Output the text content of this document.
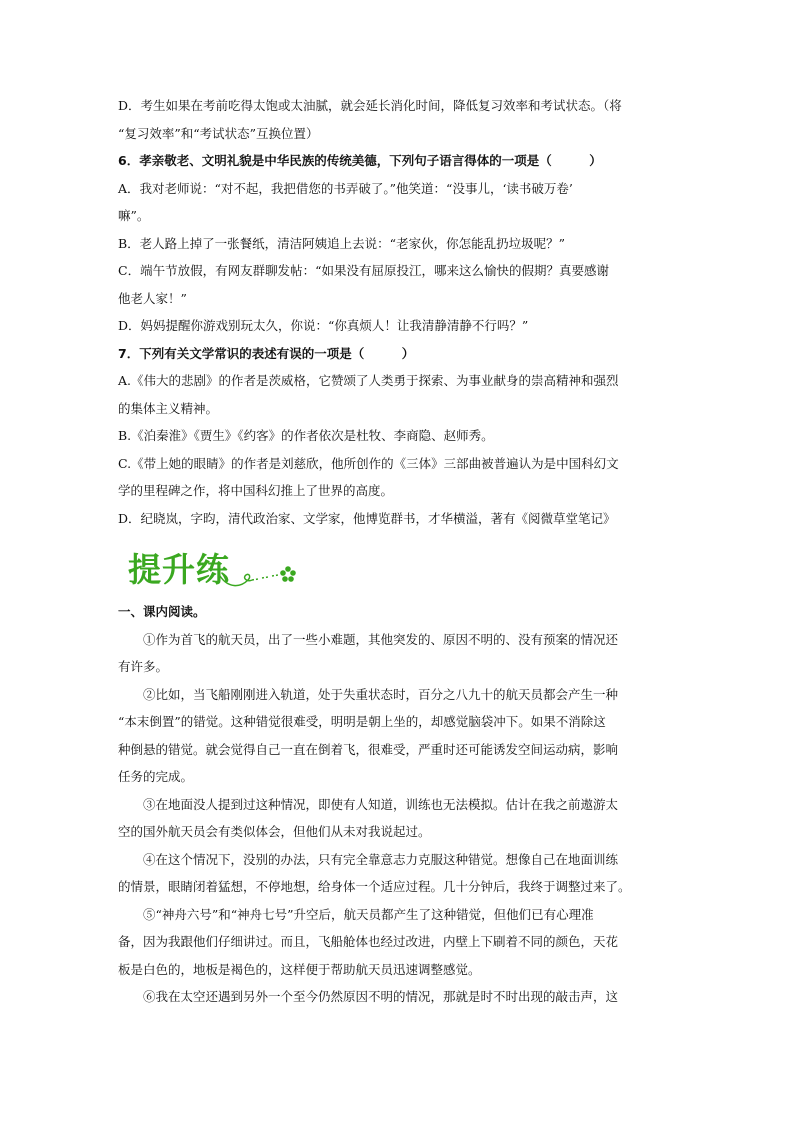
D．考生如果在考前吃得太饱或太油腻，就会延长消化时间，降低复习效率和考试状态。（将
“复习效率”和“考试状态”互换位置）
6．孝亲敬老、文明礼貌是中华民族的传统美德，下列句子语言得体的一项是（　　　）
A．我对老师说：“对不起，我把借您的书弄破了。”他笑道：“没事儿，‘读书破万卷’
嘛”。
B．老人路上掉了一张餐纸，清洁阿姨追上去说：“老家伙，你怎能乱扔垃圾呢？”
C．端午节放假，有网友群聊发帖：“如果没有屈原投江，哪来这么愉快的假期？真要感谢
他老人家！”
D．妈妈提醒你游戏别玩太久，你说：“你真烦人！让我清静清静不行吗？”
7．下列有关文学常识的表述有误的一项是（　　　）
A.《伟大的悲剧》的作者是茨威格，它赞颂了人类勇于探索、为事业献身的崇高精神和强烈
的集体主义精神。
B.《泊秦淮》《贾生》《约客》的作者依次是杜牧、李商隐、赵师秀。
C.《带上她的眼睛》的作者是刘慈欣，他所创作的《三体》三部曲被普遍认为是中国科幻文
学的里程碑之作，将中国科幻推上了世界的高度。
D．纪晓岚，字昀，清代政治家、文学家，他博览群书，才华横溢，著有《阅微草堂笔记》
提升练
一、课内阅读。
①作为首飞的航天员，出了一些小难题，其他突发的、原因不明的、没有预案的情况还
有许多。
②比如，当飞船刚刚进入轨道，处于失重状态时，百分之八九十的航天员都会产生一种
“本末倒置”的错觉。这种错觉很难受，明明是朝上坐的，却感觉脑袋冲下。如果不消除这
种倒悬的错觉。就会觉得自己一直在倒着飞，很难受，严重时还可能诱发空间运动病，影响
任务的完成。
③在地面没人提到过这种情况，即使有人知道，训练也无法模拟。估计在我之前遨游太
空的国外航天员会有类似体会，但他们从未对我说起过。
④在这个情况下，没别的办法，只有完全靠意志力克服这种错觉。想像自己在地面训练
的情景，眼睛闭着猛想，不停地想，给身体一个适应过程。几十分钟后，我终于调整过来了。
⑤“神舟六号”和“神舟七号”升空后，航天员都产生了这种错觉，但他们已有心理准
备，因为我跟他们仔细讲过。而且，飞船舱体也经过改进，内壁上下刷着不同的颜色，天花
板是白色的，地板是褐色的，这样便于帮助航天员迅速调整感觉。
⑥我在太空还遇到另外一个至今仍然原因不明的情况，那就是时不时出现的敲击声，这
